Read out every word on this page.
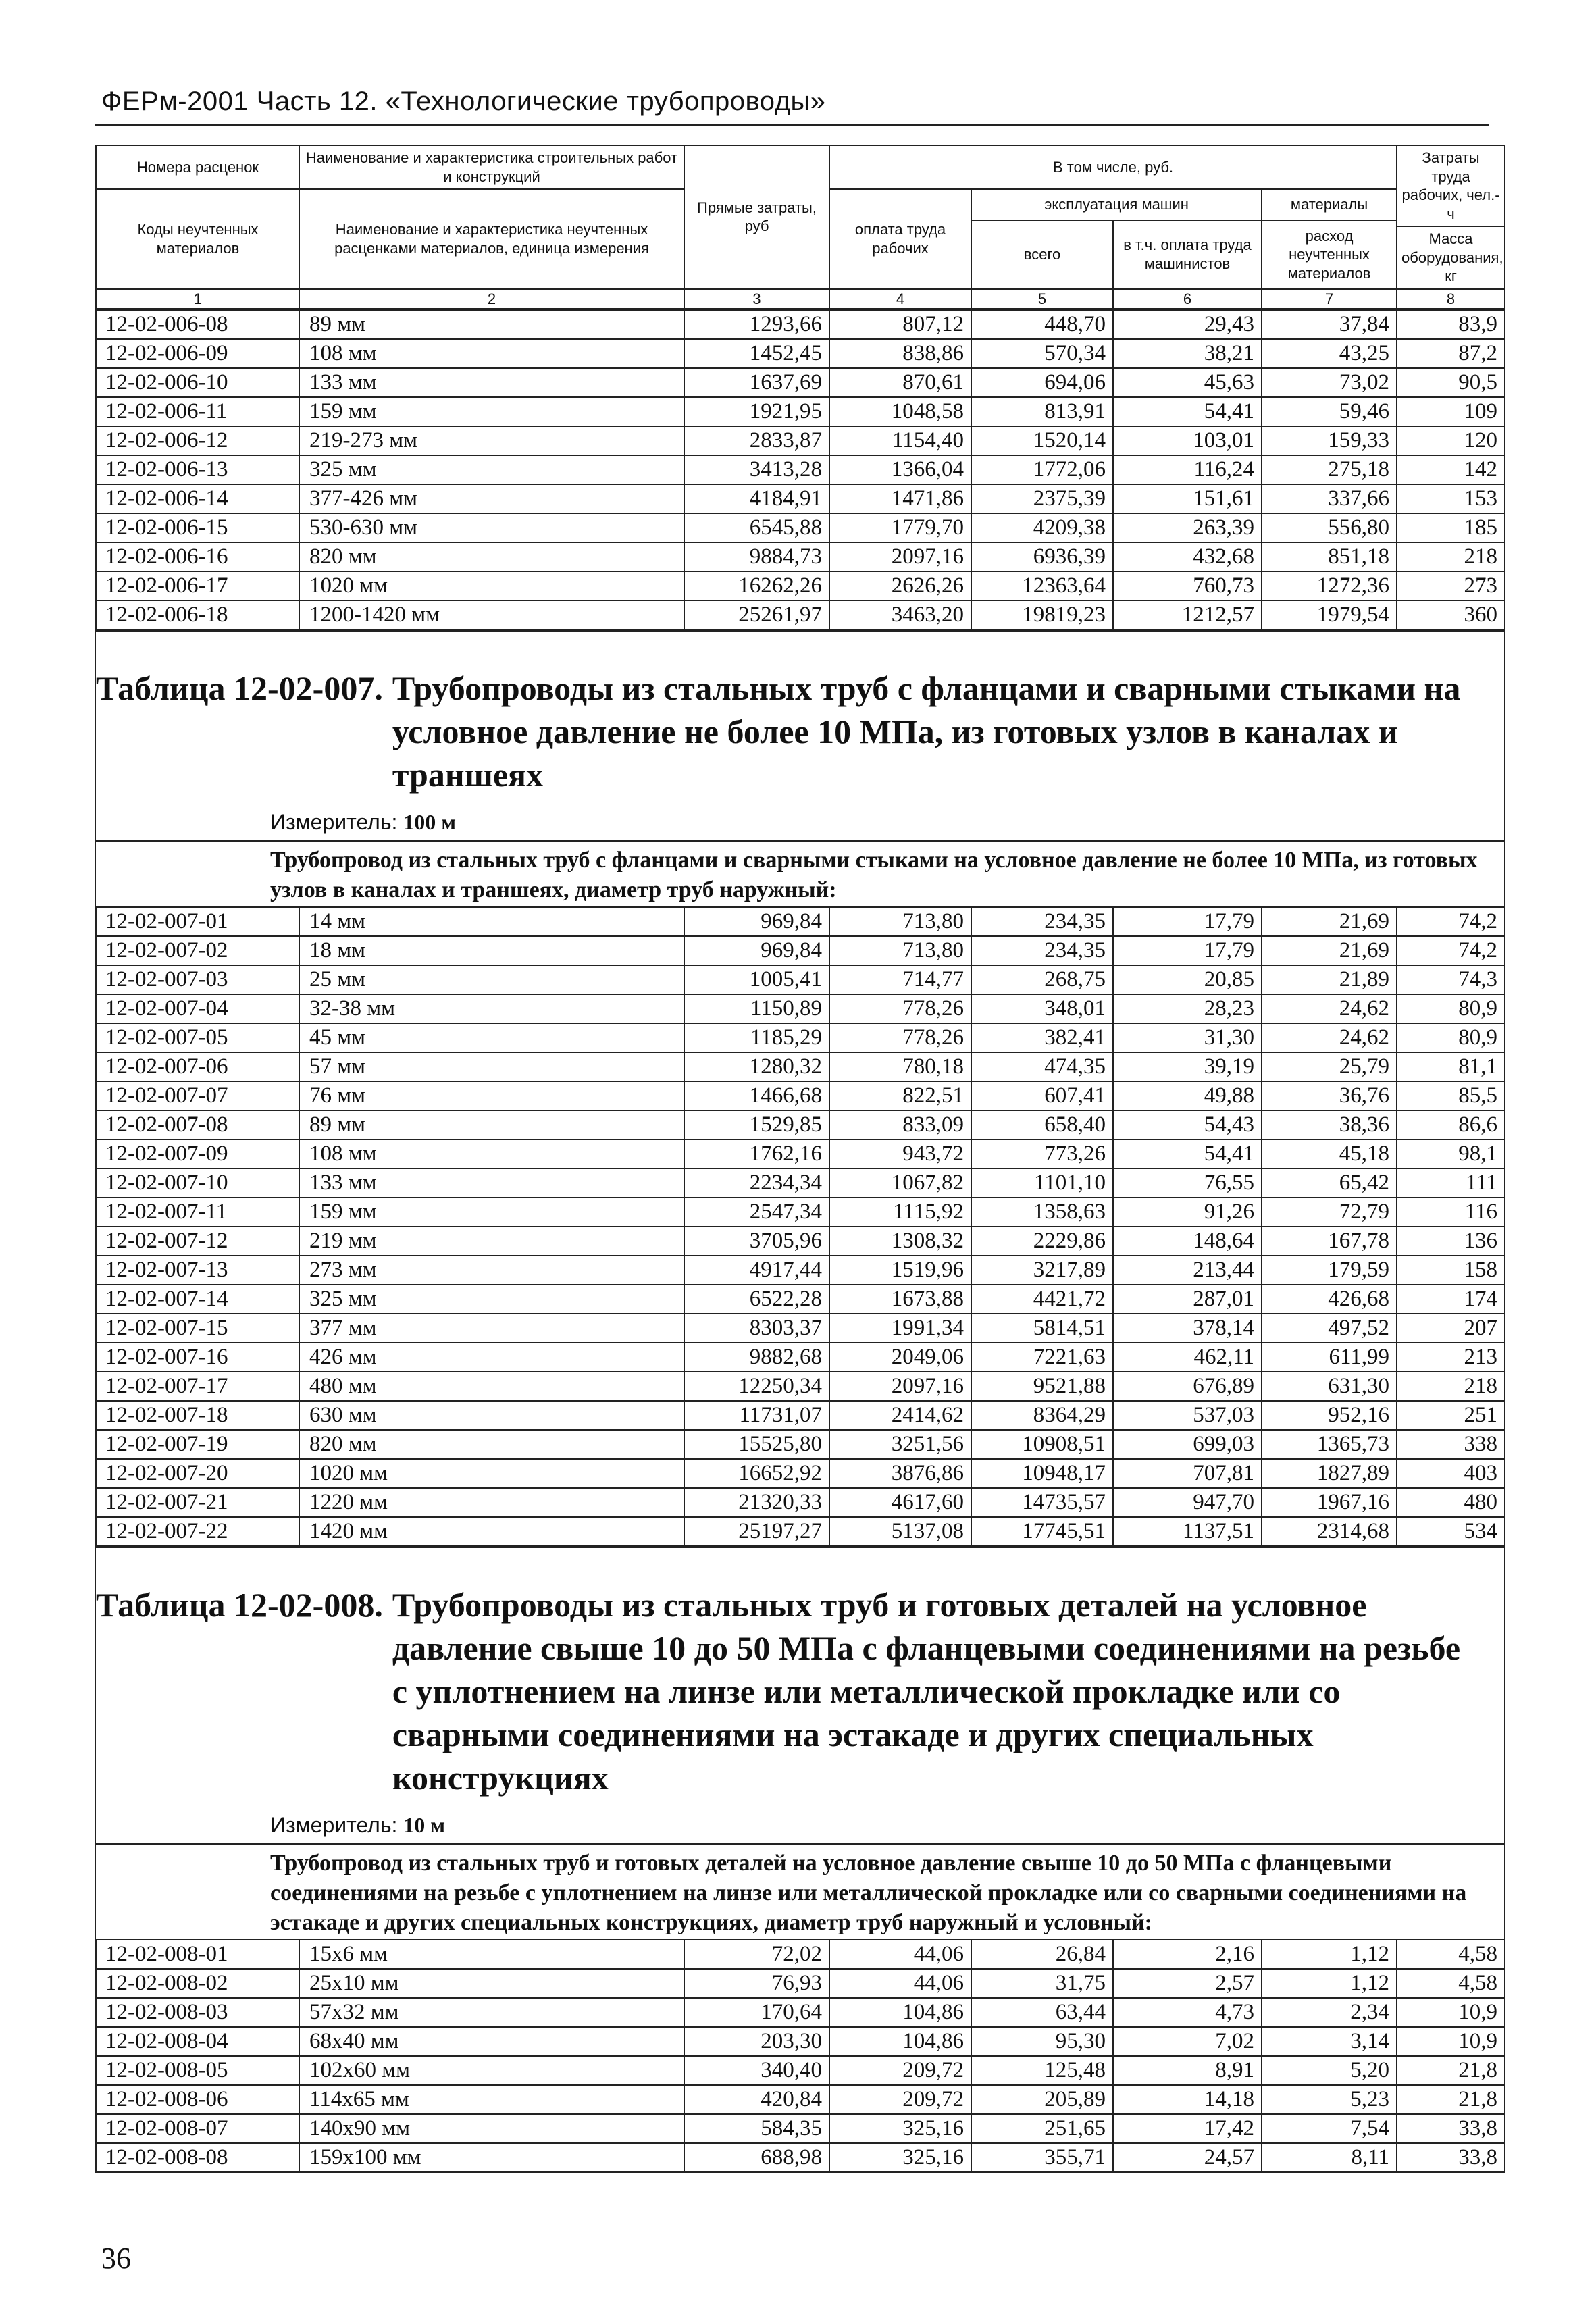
ФЕРм-2001 Часть 12. «Технологические трубопроводы»
Номера расценок	Наименование и характеристика строительных работ и конструкций	Прямые затраты, руб	В том числе, руб.				Затраты труда рабочих, чел.-ч
Коды неучтенных материалов	Наименование и характеристика неучтенных расценками материалов, единица измерения		оплата труда рабочих	эксплуатация машин		материалы	
				всего	в т.ч. оплата труда машинистов	расход неучтенных материалов	
							Масса оборудования, кг
1	2	3	4	5	6	7	8
12-02-006-08	89 мм	1293,66	807,12	448,70	29,43	37,84	83,9
12-02-006-09	108 мм	1452,45	838,86	570,34	38,21	43,25	87,2
12-02-006-10	133 мм	1637,69	870,61	694,06	45,63	73,02	90,5
12-02-006-11	159 мм	1921,95	1048,58	813,91	54,41	59,46	109
12-02-006-12	219-273 мм	2833,87	1154,40	1520,14	103,01	159,33	120
12-02-006-13	325 мм	3413,28	1366,04	1772,06	116,24	275,18	142
12-02-006-14	377-426 мм	4184,91	1471,86	2375,39	151,61	337,66	153
12-02-006-15	530-630 мм	6545,88	1779,70	4209,38	263,39	556,80	185
12-02-006-16	820 мм	9884,73	2097,16	6936,39	432,68	851,18	218
12-02-006-17	1020 мм	16262,26	2626,26	12363,64	760,73	1272,36	273
12-02-006-18	1200-1420 мм	25261,97	3463,20	19819,23	1212,57	1979,54	360
Таблица 12-02-007. Трубопроводы из стальных труб с фланцами и сварными стыками на условное давление не более 10 МПа, из готовых узлов в каналах и траншеях
Измеритель: 100 м
Трубопровод из стальных труб с фланцами и сварными стыками на условное давление не более 10 МПа, из готовых узлов в каналах и траншеях, диаметр труб наружный:
12-02-007-01	14 мм	969,84	713,80	234,35	17,79	21,69	74,2
12-02-007-02	18 мм	969,84	713,80	234,35	17,79	21,69	74,2
12-02-007-03	25 мм	1005,41	714,77	268,75	20,85	21,89	74,3
12-02-007-04	32-38 мм	1150,89	778,26	348,01	28,23	24,62	80,9
12-02-007-05	45 мм	1185,29	778,26	382,41	31,30	24,62	80,9
12-02-007-06	57 мм	1280,32	780,18	474,35	39,19	25,79	81,1
12-02-007-07	76 мм	1466,68	822,51	607,41	49,88	36,76	85,5
12-02-007-08	89 мм	1529,85	833,09	658,40	54,43	38,36	86,6
12-02-007-09	108 мм	1762,16	943,72	773,26	54,41	45,18	98,1
12-02-007-10	133 мм	2234,34	1067,82	1101,10	76,55	65,42	111
12-02-007-11	159 мм	2547,34	1115,92	1358,63	91,26	72,79	116
12-02-007-12	219 мм	3705,96	1308,32	2229,86	148,64	167,78	136
12-02-007-13	273 мм	4917,44	1519,96	3217,89	213,44	179,59	158
12-02-007-14	325 мм	6522,28	1673,88	4421,72	287,01	426,68	174
12-02-007-15	377 мм	8303,37	1991,34	5814,51	378,14	497,52	207
12-02-007-16	426 мм	9882,68	2049,06	7221,63	462,11	611,99	213
12-02-007-17	480 мм	12250,34	2097,16	9521,88	676,89	631,30	218
12-02-007-18	630 мм	11731,07	2414,62	8364,29	537,03	952,16	251
12-02-007-19	820 мм	15525,80	3251,56	10908,51	699,03	1365,73	338
12-02-007-20	1020 мм	16652,92	3876,86	10948,17	707,81	1827,89	403
12-02-007-21	1220 мм	21320,33	4617,60	14735,57	947,70	1967,16	480
12-02-007-22	1420 мм	25197,27	5137,08	17745,51	1137,51	2314,68	534
Таблица 12-02-008. Трубопроводы из стальных труб и готовых деталей на условное давление свыше 10 до 50 МПа с фланцевыми соединениями на резьбе с уплотнением на линзе или металлической прокладке или со сварными соединениями на эстакаде и других специальных конструкциях
Измеритель: 10 м
Трубопровод из стальных труб и готовых деталей на условное давление свыше 10 до 50 МПа с фланцевыми соединениями на резьбе с уплотнением на линзе или металлической прокладке или со сварными соединениями на эстакаде и других специальных конструкциях, диаметр труб наружный и условный:
12-02-008-01	15x6 мм	72,02	44,06	26,84	2,16	1,12	4,58
12-02-008-02	25x10 мм	76,93	44,06	31,75	2,57	1,12	4,58
12-02-008-03	57x32 мм	170,64	104,86	63,44	4,73	2,34	10,9
12-02-008-04	68x40 мм	203,30	104,86	95,30	7,02	3,14	10,9
12-02-008-05	102x60 мм	340,40	209,72	125,48	8,91	5,20	21,8
12-02-008-06	114x65 мм	420,84	209,72	205,89	14,18	5,23	21,8
12-02-008-07	140x90 мм	584,35	325,16	251,65	17,42	7,54	33,8
12-02-008-08	159x100 мм	688,98	325,16	355,71	24,57	8,11	33,8
36
